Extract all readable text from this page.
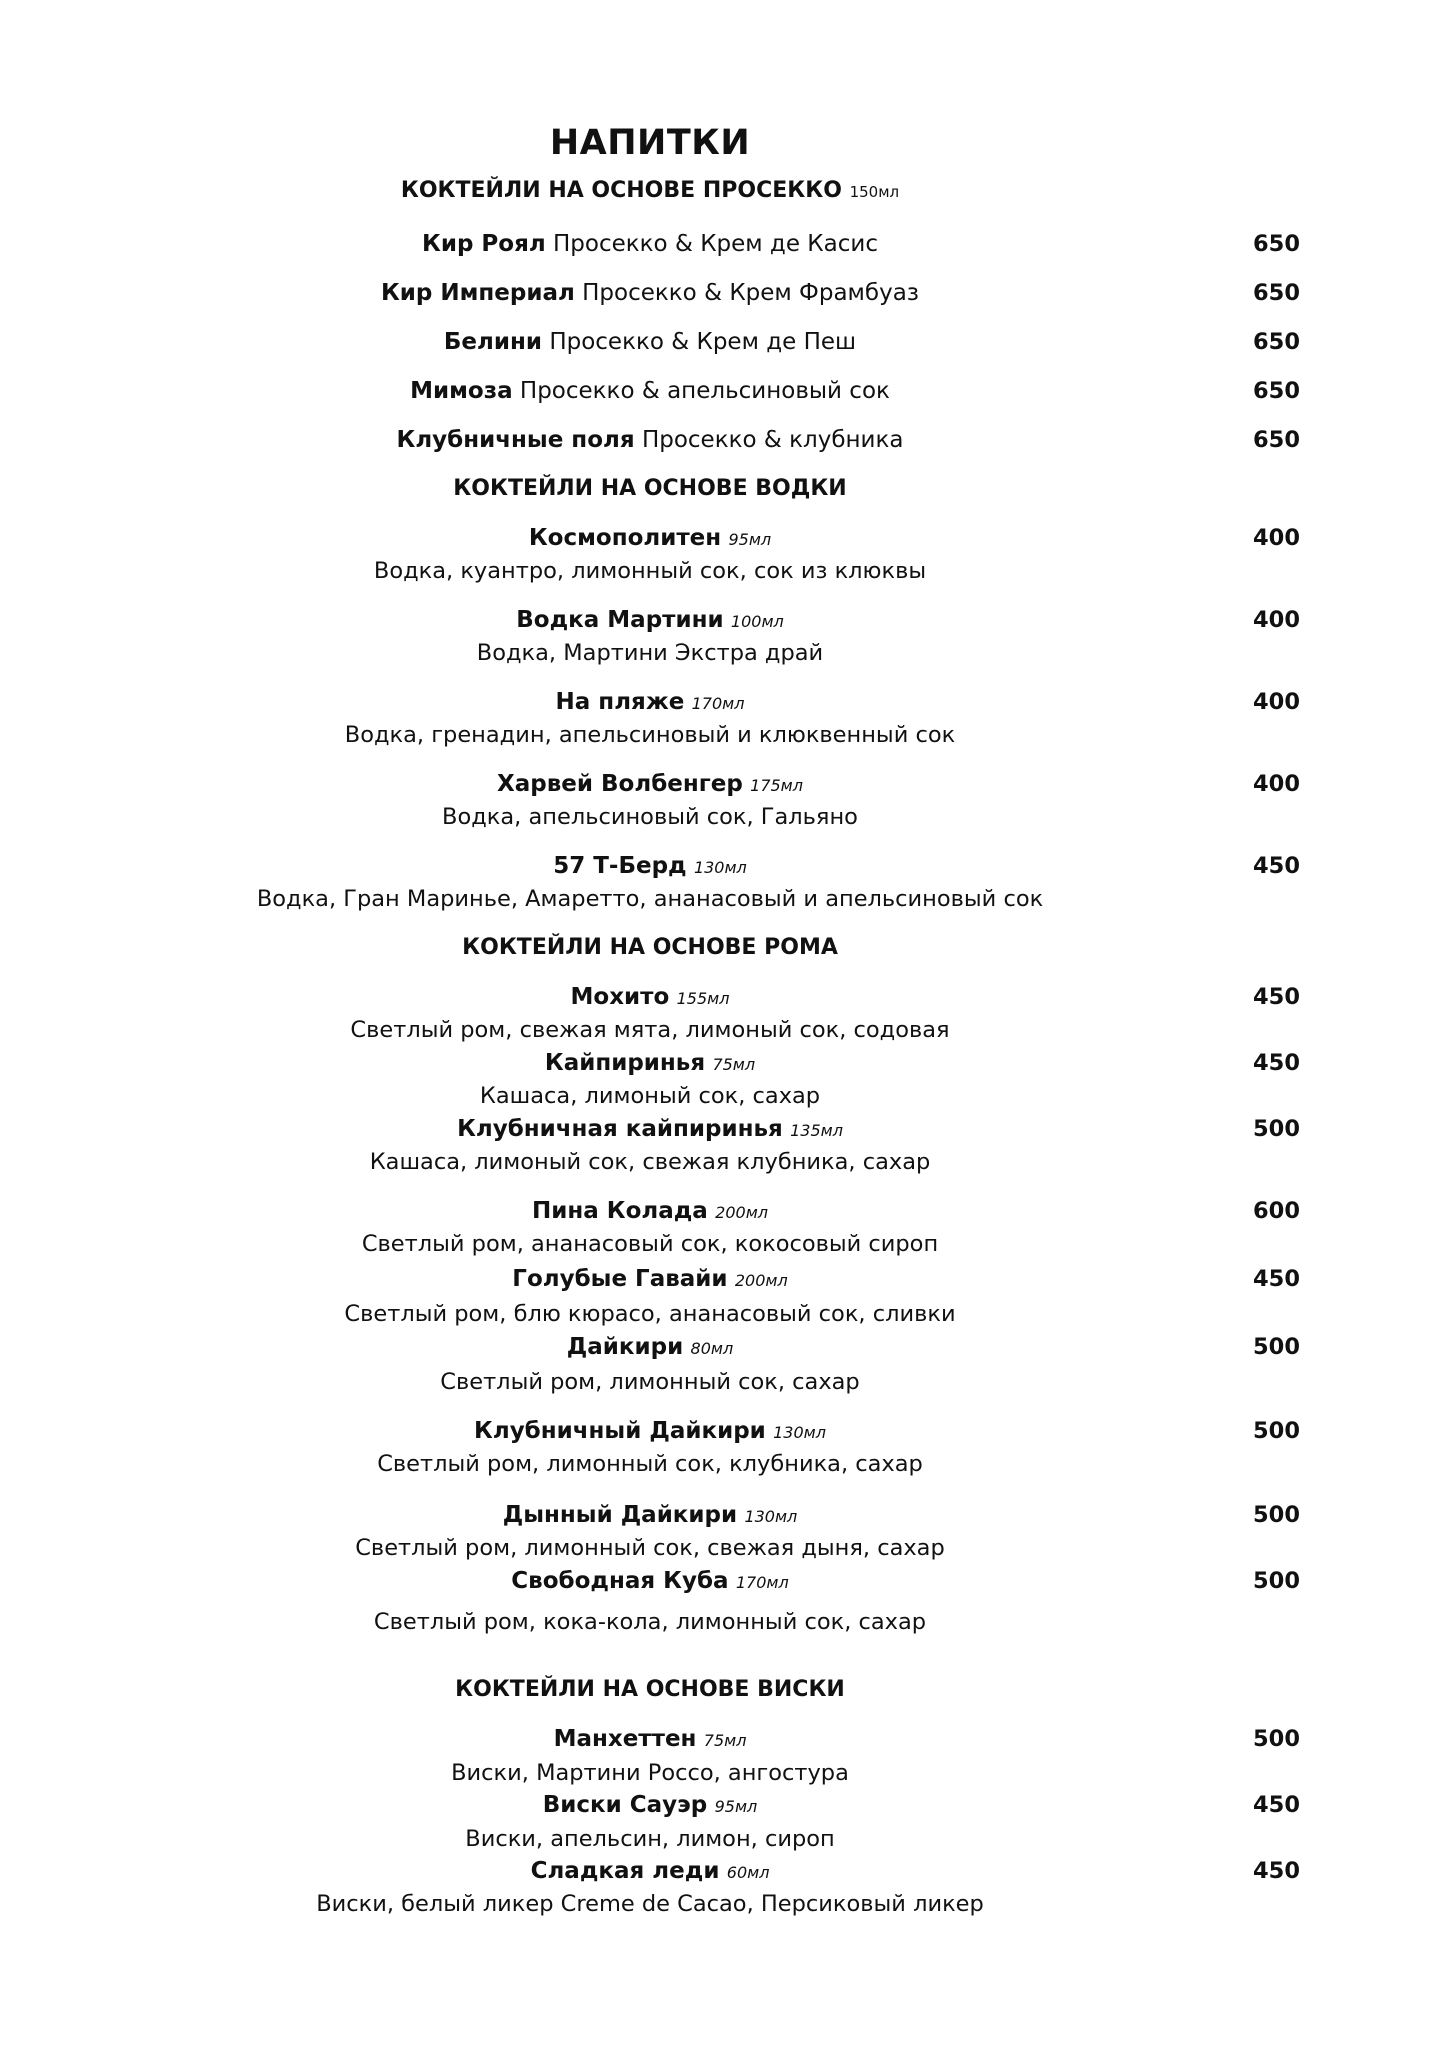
НАПИТКИ
КОКТЕЙЛИ НА ОСНОВЕ ПРОСЕККО 150мл
Кир Роял Просекко & Крем де Касис	650
Кир Империал Просекко & Крем Фрамбуаз	650
Белини Просекко & Крем де Пеш	650
Мимоза Просекко & апельсиновый сок	650
Клубничные поля Просекко & клубника	650
КОКТЕЙЛИ НА ОСНОВЕ ВОДКИ
Космополитен 95мл	400
Водка, куантро, лимонный сок, сок из клюквы
Водка Мартини 100мл	400
Водка, Мартини Экстра драй
На пляже 170мл	400
Водка, гренадин, апельсиновый и клюквенный сок
Харвей Волбенгер 175мл	400
Водка, апельсиновый сок, Гальяно
57 Т-Берд 130мл	450
Водка, Гран Маринье, Амаретто, ананасовый и апельсиновый сок
КОКТЕЙЛИ НА ОСНОВЕ РОМА
Мохито 155мл	450
Светлый ром, свежая мята, лимоный сок, содовая
Кайпиринья 75мл	450
Кашаса, лимоный сок, сахар
Клубничная кайпиринья 135мл	500
Кашаса, лимоный сок, свежая клубника, сахар
Пина Колада 200мл	600
Светлый ром, ананасовый сок, кокосовый сироп
Голубые Гавайи 200мл	450
Светлый ром, блю кюрасо, ананасовый сок, сливки
Дайкири 80мл	500
Светлый ром, лимонный сок, сахар
Клубничный Дайкири 130мл	500
Светлый ром, лимонный сок, клубника, сахар
Дынный Дайкири 130мл	500
Светлый ром, лимонный сок, свежая дыня, сахар
Свободная Куба 170мл	500
Светлый ром, кока-кола, лимонный сок, сахар
КОКТЕЙЛИ НА ОСНОВЕ ВИСКИ
Манхеттен 75мл	500
Виски, Мартини Россо, ангостура
Виски Сауэр 95мл	450
Виски, апельсин, лимон, сироп
Сладкая леди 60мл	450
Виски, белый ликер Creme de Cacao, Персиковый ликер
